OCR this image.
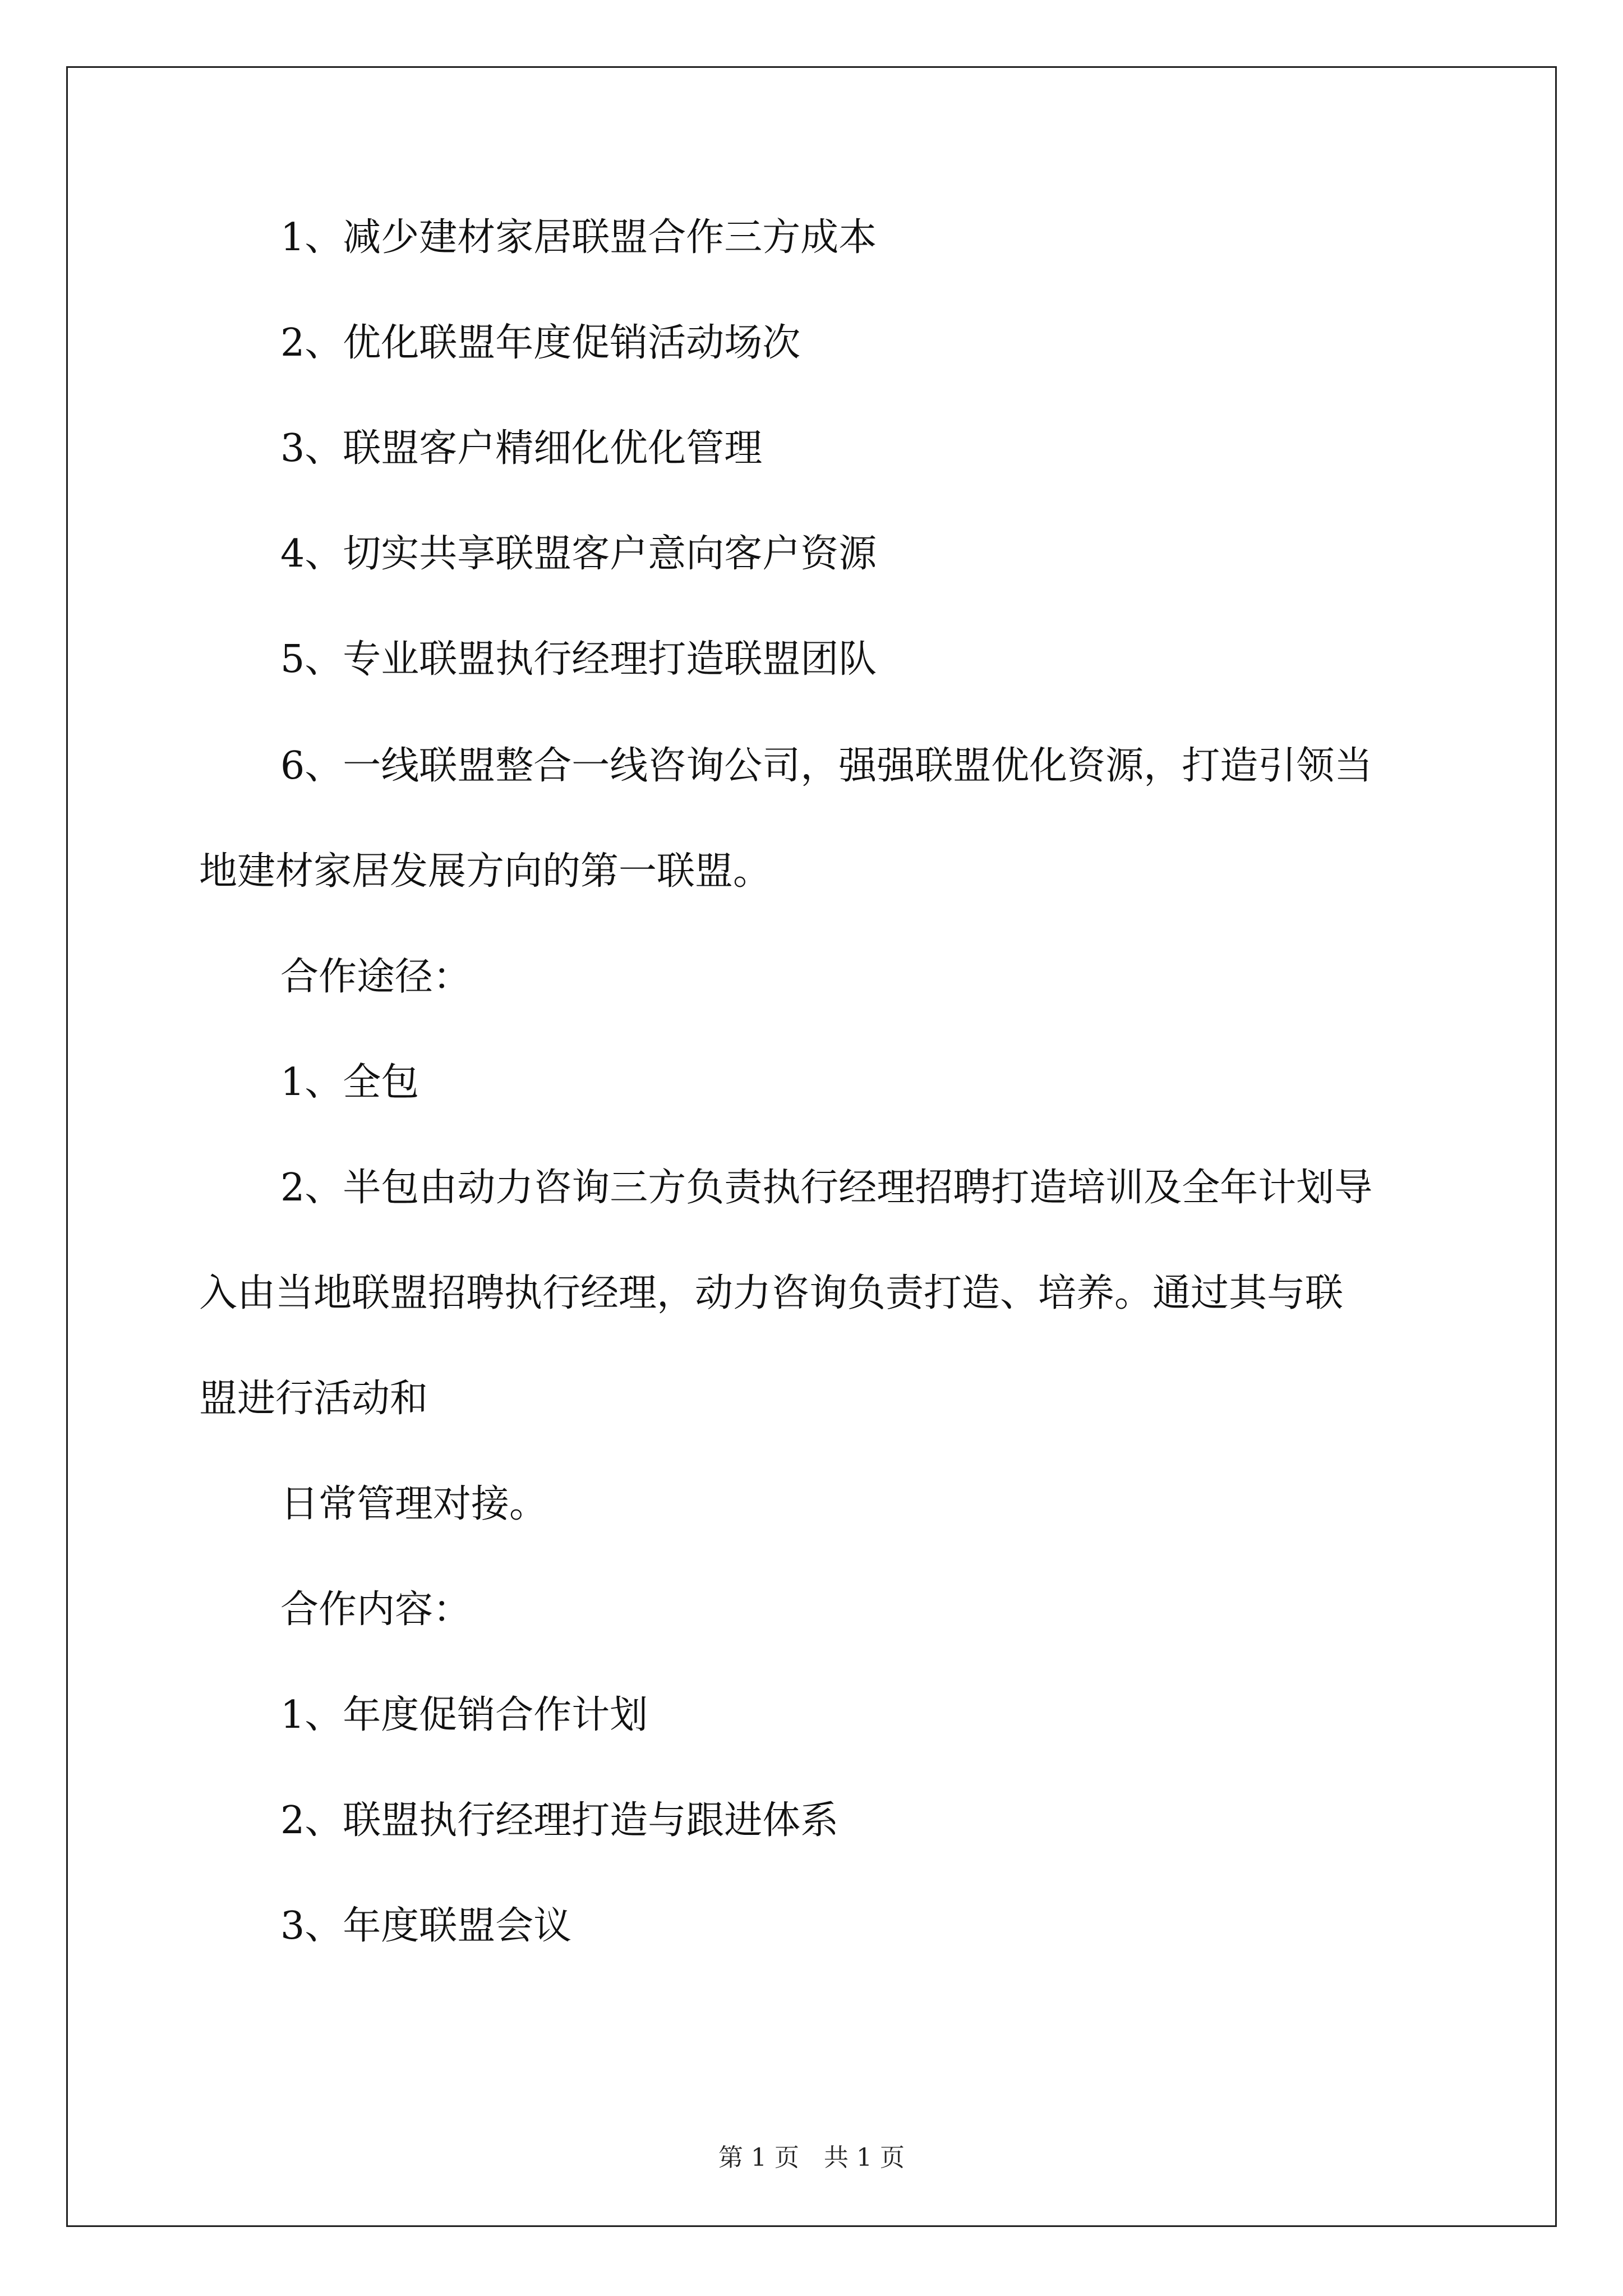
1、减少建材家居联盟合作三方成本

2、优化联盟年度促销活动场次

3、联盟客户精细化优化管理

4、切实共享联盟客户意向客户资源

5、专业联盟执行经理打造联盟团队

6、一线联盟整合一线咨询公司，强强联盟优化资源，打造引领当

地建材家居发展方向的第一联盟。

合作途径：

1、全包

2、半包由动力咨询三方负责执行经理招聘打造培训及全年计划导

入由当地联盟招聘执行经理，动力咨询负责打造、培养。通过其与联

盟进行活动和

日常管理对接。

合作内容：

1、年度促销合作计划

2、联盟执行经理打造与跟进体系

3、年度联盟会议

第 1 页　共 1 页
